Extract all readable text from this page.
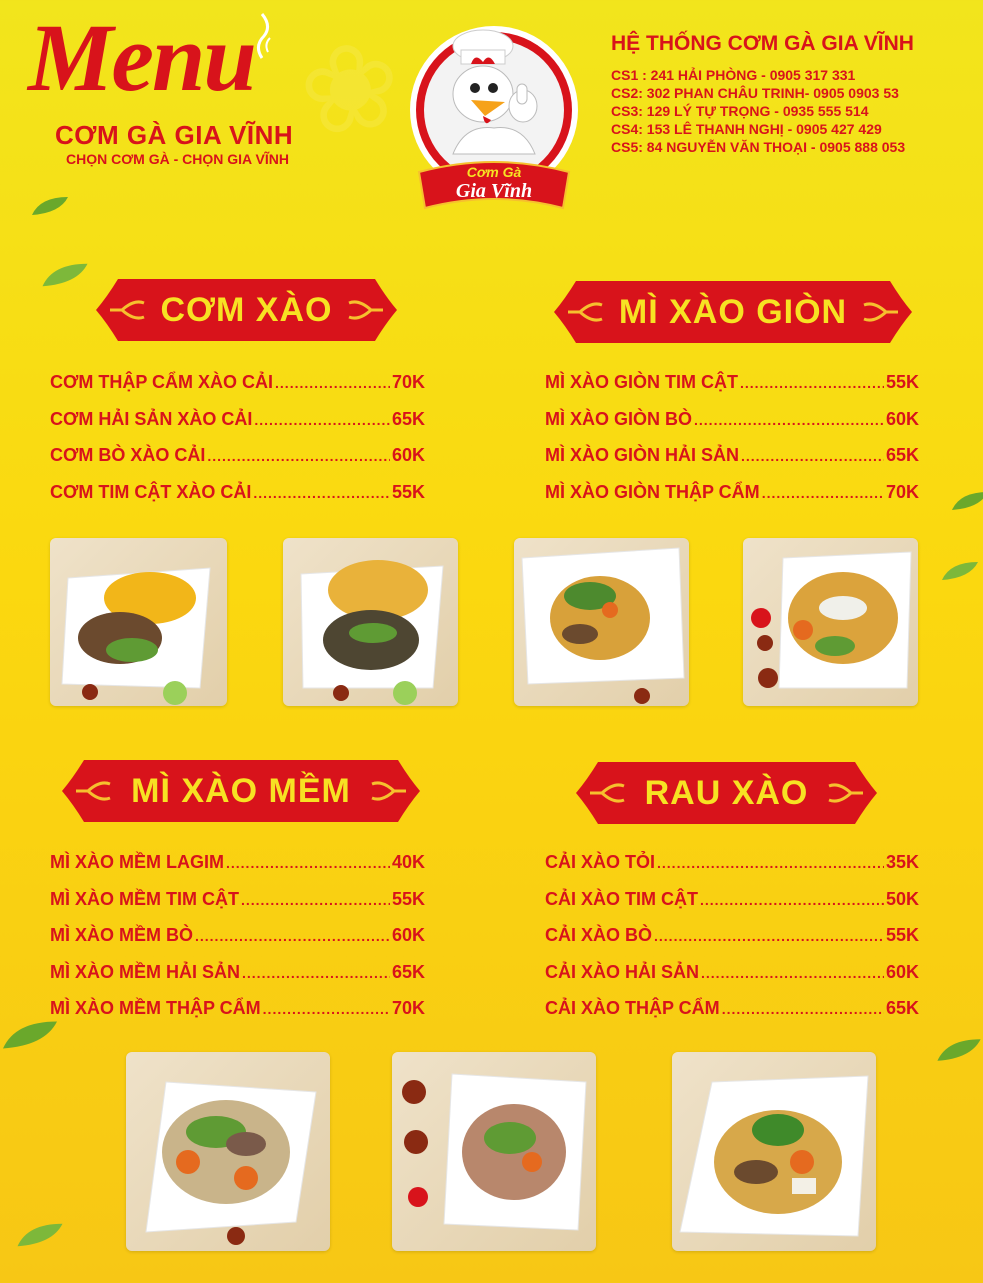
❀
Menu
CƠM GÀ GIA VĨNH
CHỌN CƠM GÀ - CHỌN GIA VĨNH
Cơm Gà
Gia Vĩnh
HỆ THỐNG CƠM GÀ GIA VĨNH
CS1 : 241 HẢI PHÒNG - 0905 317 331
CS2: 302 PHAN CHÂU TRINH- 0905 0903 53
CS3: 129 LÝ TỰ TRỌNG - 0935 555 514
CS4: 153 LÊ THANH NGHỊ - 0905 427 429
CS5: 84 NGUYỄN VĂN THOẠI - 0905 888 053
CƠM XÀO	MÌ XÀO GIÒN
CƠM THẬP CẨM XÀO CẢI .....	70K
CƠM HẢI SẢN XÀO CẢI .....	65K
CƠM BÒ XÀO CẢI .....	60K
CƠM TIM CẬT XÀO CẢI .....	55K
MÌ XÀO GIÒN TIM CẬT .....	55K
MÌ XÀO GIÒN BÒ .....	60K
MÌ XÀO GIÒN HẢI SẢN .....	65K
MÌ XÀO GIÒN THẬP CẨM .....	70K
MÌ XÀO MỀM	RAU XÀO
MÌ XÀO MỀM LAGIM .....	40K
MÌ XÀO MỀM TIM CẬT .....	55K
MÌ XÀO MỀM BÒ .....	60K
MÌ XÀO MỀM HẢI SẢN .....	65K
MÌ XÀO MỀM THẬP CẨM .....	70K
CẢI XÀO TỎI .....	35K
CẢI XÀO TIM CẬT .....	50K
CẢI XÀO BÒ .....	55K
CẢI XÀO HẢI SẢN .....	60K
CẢI XÀO THẬP CẨM .....	65K
